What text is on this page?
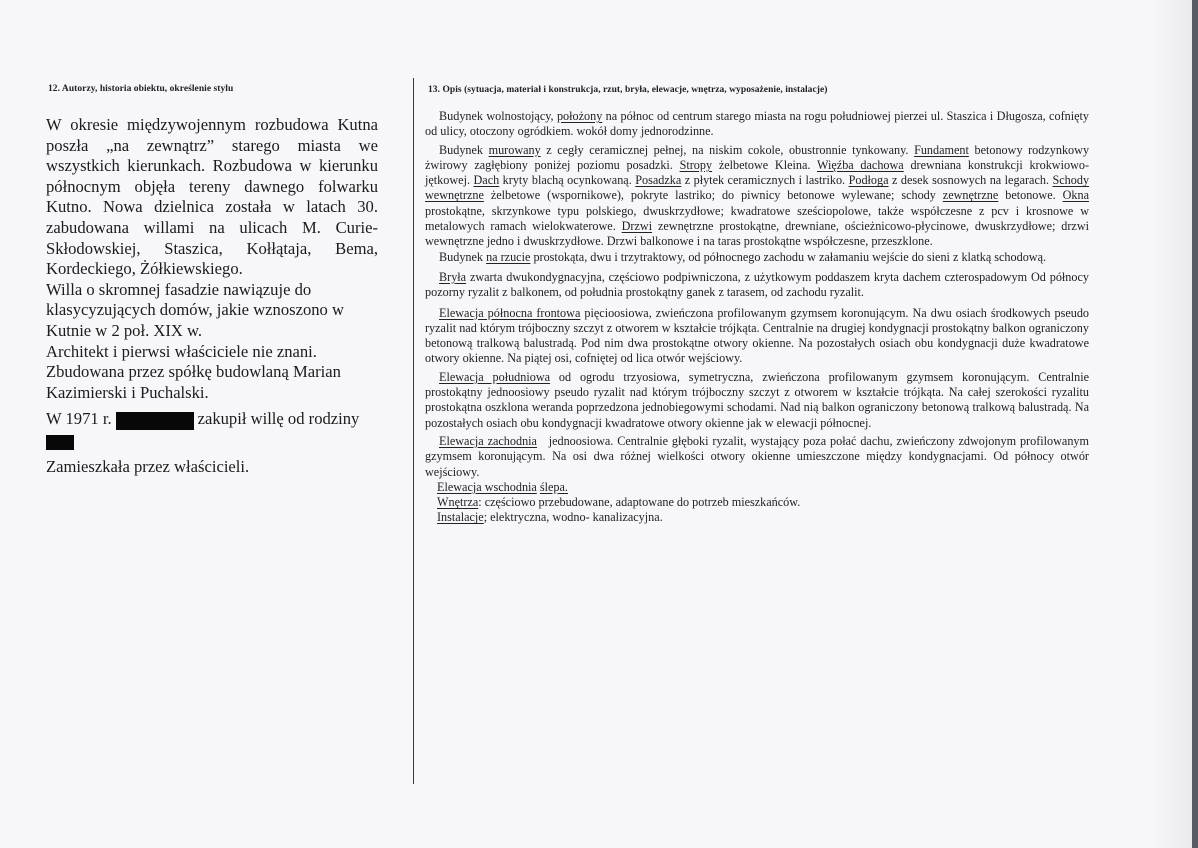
12. Autorzy, historia obiektu, określenie stylu	13. Opis (sytuacja, materiał i konstrukcja, rzut, bryła, elewacje, wnętrza, wyposażenie, instalacje)

W okresie międzywojennym rozbudowa Kutna poszła „na zewnątrz” starego miasta we wszystkich kierunkach. Rozbudowa w kierunku północnym objęła tereny dawnego folwarku Kutno. Nowa dzielnica została w latach 30. zabudowana willami na ulicach M. Curie-Skłodowskiej, Staszica, Kołłątaja, Bema, Kordeckiego, Żółkiewskiego.

Willa o skromnej fasadzie nawiązuje do klasycyzujących domów, jakie wznoszono w Kutnie w 2 poł. XIX w.

Architekt i pierwsi właściciele nie znani.

Zbudowana przez spółkę budowlaną Marian Kazimierski i Puchalski.

W 1971 r.	zakupił willę od rodziny

Zamieszkała przez właścicieli.

Budynek wolnostojący, położony na północ od centrum starego miasta na rogu południowej pierzei ul. Staszica i Długosza, cofnięty od ulicy, otoczony ogródkiem. wokół domy jednorodzinne.

Budynek murowany z cegły ceramicznej pełnej, na niskim cokole, obustronnie tynkowany. Fundament betonowy rodzynkowy żwirowy zagłębiony poniżej poziomu posadzki. Stropy żelbetowe Kleina. Więźba dachowa drewniana konstrukcji krokwiowo-jętkowej. Dach kryty blachą ocynkowaną. Posadzka z płytek ceramicznych i lastriko. Podłoga z desek sosnowych na legarach. Schody wewnętrzne żelbetowe (wspornikowe), pokryte lastriko; do piwnicy betonowe wylewane; schody zewnętrzne betonowe. Okna prostokątne, skrzynkowe typu polskiego, dwuskrzydłowe; kwadratowe sześciopolowe, także współczesne z pcv i krosnowe w metalowych ramach wielokwaterowe. Drzwi zewnętrzne prostokątne, drewniane, ościeżnicowo-płycinowe, dwuskrzydłowe; drzwi wewnętrzne jedno i dwuskrzydłowe. Drzwi balkonowe i na taras prostokątne współczesne, przeszklone.

Budynek na rzucie prostokąta, dwu i trzytraktowy, od północnego zachodu w załamaniu wejście do sieni z klatką schodową.

Bryła zwarta dwukondygnacyjna, częściowo podpiwniczona, z użytkowym poddaszem kryta dachem czterospadowym Od północy pozorny ryzalit z balkonem, od południa prostokątny ganek z tarasem, od zachodu ryzalit.

Elewacja północna frontowa pięcioosiowa, zwieńczona profilowanym gzymsem koronującym. Na dwu osiach środkowych pseudo ryzalit nad którym trójboczny szczyt z otworem w kształcie trójkąta. Centralnie na drugiej kondygnacji prostokątny balkon ograniczony betonową tralkową balustradą. Pod nim dwa prostokątne otwory okienne. Na pozostałych osiach obu kondygnacji duże kwadratowe otwory okienne. Na piątej osi, cofniętej od lica otwór wejściowy.

Elewacja południowa od ogrodu trzyosiowa, symetryczna, zwieńczona profilowanym gzymsem koronującym. Centralnie prostokątny jednoosiowy pseudo ryzalit nad którym trójboczny szczyt z otworem w kształcie trójkąta. Na całej szerokości ryzalitu prostokątna oszklona weranda poprzedzona jednobiegowymi schodami. Nad nią balkon ograniczony betonową tralkową balustradą. Na pozostałych osiach obu kondygnacji kwadratowe otwory okienne jak w elewacji północnej.

Elewacja zachodnia jednoosiowa. Centralnie głęboki ryzalit, wystający poza połać dachu, zwieńczony zdwojonym profilowanym gzymsem koronującym. Na osi dwa różnej wielkości otwory okienne umieszczone między kondygnacjami. Od północy otwór wejściowy.

Elewacja wschodnia ślepa.

Wnętrza: częściowo przebudowane, adaptowane do potrzeb mieszkańców.

Instalacje; elektryczna, wodno- kanalizacyjna.
